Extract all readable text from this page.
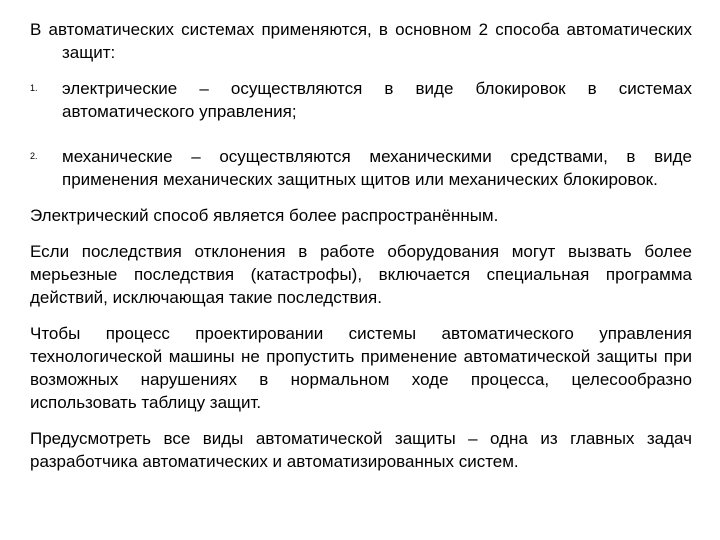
В автоматических системах применяются, в основном 2 способа автоматических защит:

1. электрические – осуществляются в виде блокировок в системах автоматического управления;
2. механические – осуществляются механическими средствами, в виде применения механических защитных щитов или механических блокировок.

Электрический способ является более распространённым.

Если последствия отклонения в работе оборудования могут вызвать более мерьезные последствия (катастрофы), включается специальная программа действий, исключающая такие последствия.

Чтобы процесс проектировании системы автоматического управления технологической машины не пропустить применение автоматической защиты при возможных нарушениях в нормальном ходе процесса, целесообразно использовать таблицу защит.

Предусмотреть все виды автоматической защиты – одна из главных задач разработчика автоматических и автоматизированных систем.
